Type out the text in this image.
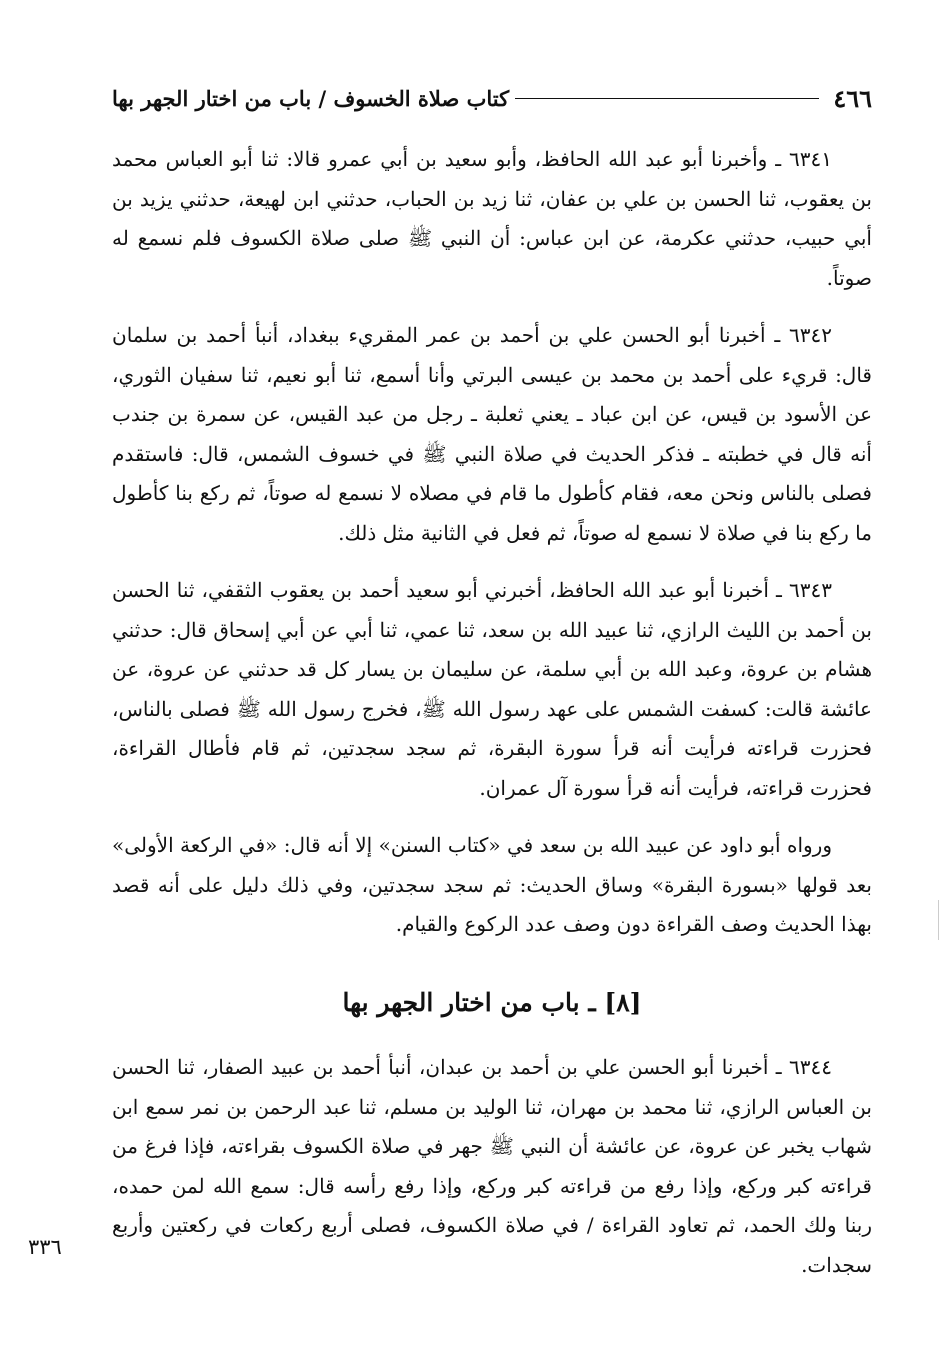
٤٦٦
كتاب صلاة الخسوف / باب من اختار الجهر بها

٦٣٤١ ـ وأخبرنا أبو عبد الله الحافظ، وأبو سعيد بن أبي عمرو قالا: ثنا أبو العباس محمد بن يعقوب، ثنا الحسن بن علي بن عفان، ثنا زيد بن الحباب، حدثني ابن لهيعة، حدثني يزيد بن أبي حبيب، حدثني عكرمة، عن ابن عباس: أن النبي ﷺ صلى صلاة الكسوف فلم نسمع له صوتاً.

٦٣٤٢ ـ أخبرنا أبو الحسن علي بن أحمد بن عمر المقريء ببغداد، أنبأ أحمد بن سلمان قال: قريء على أحمد بن محمد بن عيسى البرتي وأنا أسمع، ثنا أبو نعيم، ثنا سفيان الثوري، عن الأسود بن قيس، عن ابن عباد ـ يعني ثعلبة ـ رجل من عبد القيس، عن سمرة بن جندب أنه قال في خطبته ـ فذكر الحديث في صلاة النبي ﷺ في خسوف الشمس، قال: فاستقدم فصلى بالناس ونحن معه، فقام كأطول ما قام في مصلاه لا نسمع له صوتاً، ثم ركع بنا كأطول ما ركع بنا في صلاة لا نسمع له صوتاً، ثم فعل في الثانية مثل ذلك.

٦٣٤٣ ـ أخبرنا أبو عبد الله الحافظ، أخبرني أبو سعيد أحمد بن يعقوب الثقفي، ثنا الحسن بن أحمد بن الليث الرازي، ثنا عبيد الله بن سعد، ثنا عمي، ثنا أبي عن أبي إسحاق قال: حدثني هشام بن عروة، وعبد الله بن أبي سلمة، عن سليمان بن يسار كل قد حدثني عن عروة، عن عائشة قالت: كسفت الشمس على عهد رسول الله ﷺ، فخرج رسول الله ﷺ فصلى بالناس، فحزرت قراءته فرأيت أنه قرأ سورة البقرة، ثم سجد سجدتين، ثم قام فأطال القراءة، فحزرت قراءته، فرأيت أنه قرأ سورة آل عمران.

ورواه أبو داود عن عبيد الله بن سعد في «كتاب السنن» إلا أنه قال: «في الركعة الأولى» بعد قولها «بسورة البقرة» وساق الحديث: ثم سجد سجدتين، وفي ذلك دليل على أنه قصد بهذا الحديث وصف القراءة دون وصف عدد الركوع والقيام.

[٨] ـ باب من اختار الجهر بها

٦٣٤٤ ـ أخبرنا أبو الحسن علي بن أحمد بن عبدان، أنبأ أحمد بن عبيد الصفار، ثنا الحسن بن العباس الرازي، ثنا محمد بن مهران، ثنا الوليد بن مسلم، ثنا عبد الرحمن بن نمر سمع ابن شهاب يخبر عن عروة، عن عائشة أن النبي ﷺ جهر في صلاة الكسوف بقراءته، فإذا فرغ من قراءته كبر وركع، وإذا رفع من قراءته كبر وركع، وإذا رفع رأسه قال: سمع الله لمن حمده، ربنا ولك الحمد، ثم تعاود القراءة / في صلاة الكسوف، فصلى أربع ركعات في ركعتين وأربع سجدات.

٣٣٦
